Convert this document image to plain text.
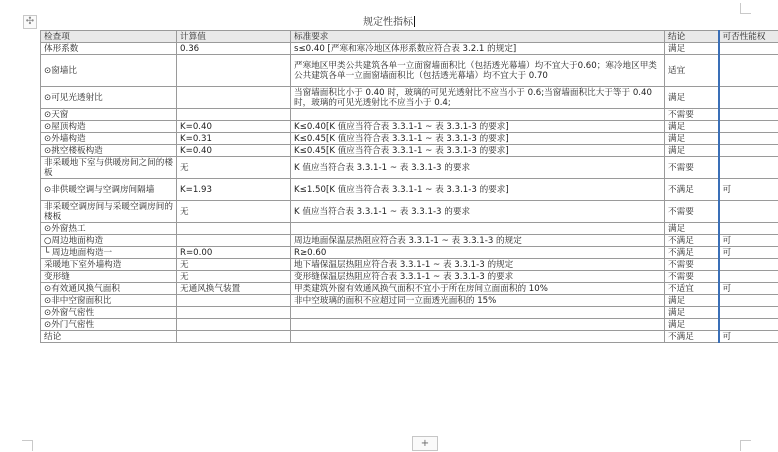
✣	规定性指标
检查项	计算值	标准要求	结论	可否性能权
体形系数	0.36	s≤0.40 [严寒和寒冷地区体形系数应符合表 3.2.1 的规定]	满足	
⊙窗墙比		严寒地区甲类公共建筑各单一立面窗墙面积比（包括透光幕墙）均不宜大于0.60；寒冷地区甲类公共建筑各单一立面窗墙面积比（包括透光幕墙）均不宜大于 0.70	适宜	
⊙可见光透射比		当窗墙面积比小于 0.40 时，玻璃的可见光透射比不应当小于 0.6;当窗墙面积比大于等于 0.40 时，玻璃的可见光透射比不应当小于 0.4;	满足	
⊙天窗			不需要	
⊙屋顶构造	K=0.40	K≤0.40[K 值应当符合表 3.3.1-1 ~ 表 3.3.1-3 的要求]	满足	
⊙外墙构造	K=0.31	K≤0.45[K 值应当符合表 3.3.1-1 ~ 表 3.3.1-3 的要求]	满足	
⊙挑空楼板构造	K=0.40	K≤0.45[K 值应当符合表 3.3.1-1 ~ 表 3.3.1-3 的要求]	满足	
非采暖地下室与供暖房间之间的楼板	无	K 值应当符合表 3.3.1-1 ~ 表 3.3.1-3 的要求	不需要	
⊙非供暖空调与空调房间隔墙	K=1.93	K≤1.50[K 值应当符合表 3.3.1-1 ~ 表 3.3.1-3 的要求]	不满足	可
非采暖空调房间与采暖空调房间的楼板	无	K 值应当符合表 3.3.1-1 ~ 表 3.3.1-3 的要求	不需要	
⊙外窗热工			满足	
○周边地面构造		周边地面保温层热阻应符合表 3.3.1-1 ~ 表 3.3.1-3 的规定	不满足	可
└ 周边地面构造一	R=0.00	R≥0.60	不满足	可
采暖地下室外墙构造	无	地下墙保温层热阻应符合表 3.3.1-1 ~ 表 3.3.1-3 的规定	不需要	
变形缝	无	变形缝保温层热阻应符合表 3.3.1-1 ~ 表 3.3.1-3 的要求	不需要	
⊙有效通风换气面积	无通风换气装置	甲类建筑外窗有效通风换气面积不宜小于所在房间立面面积的 10%	不适宜	可
⊙非中空窗面积比		非中空玻璃的面积不应超过同一立面透光面积的 15%	满足	
⊙外窗气密性			满足	
⊙外门气密性			满足	
结论			不满足	可
+
